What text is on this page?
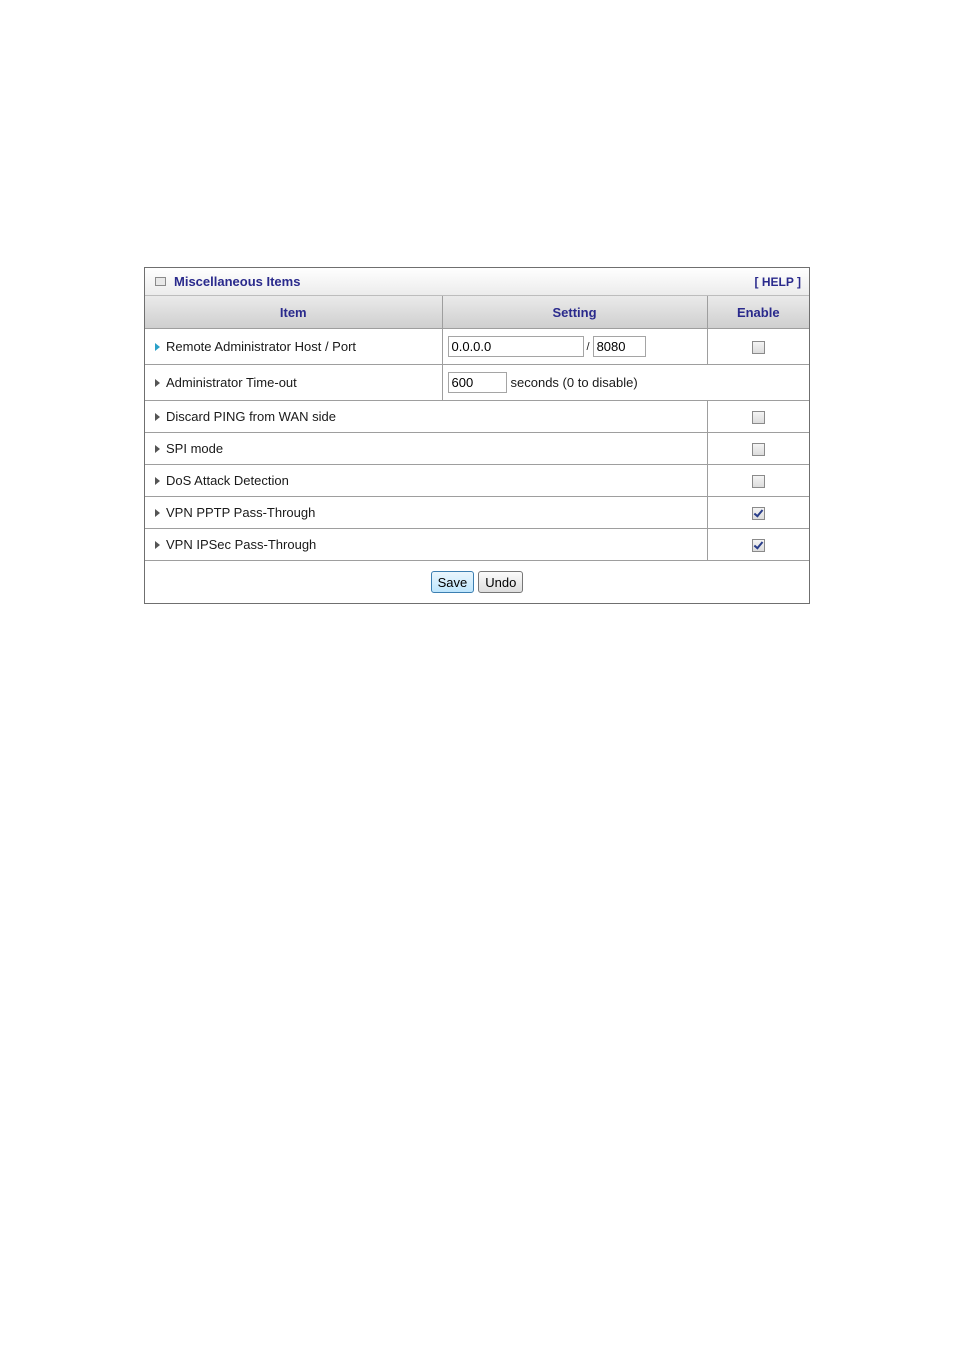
Miscellaneous Items	[ HELP ]
Item	Setting	Enable
Remote Administrator Host / Port	0.0.0.0/8080	
Administrator Time-out	600seconds (0 to disable)
Discard PING from WAN side		
SPI mode		
DoS Attack Detection		
VPN PPTP Pass-Through		
VPN IPSec Pass-Through		
Save Undo		
